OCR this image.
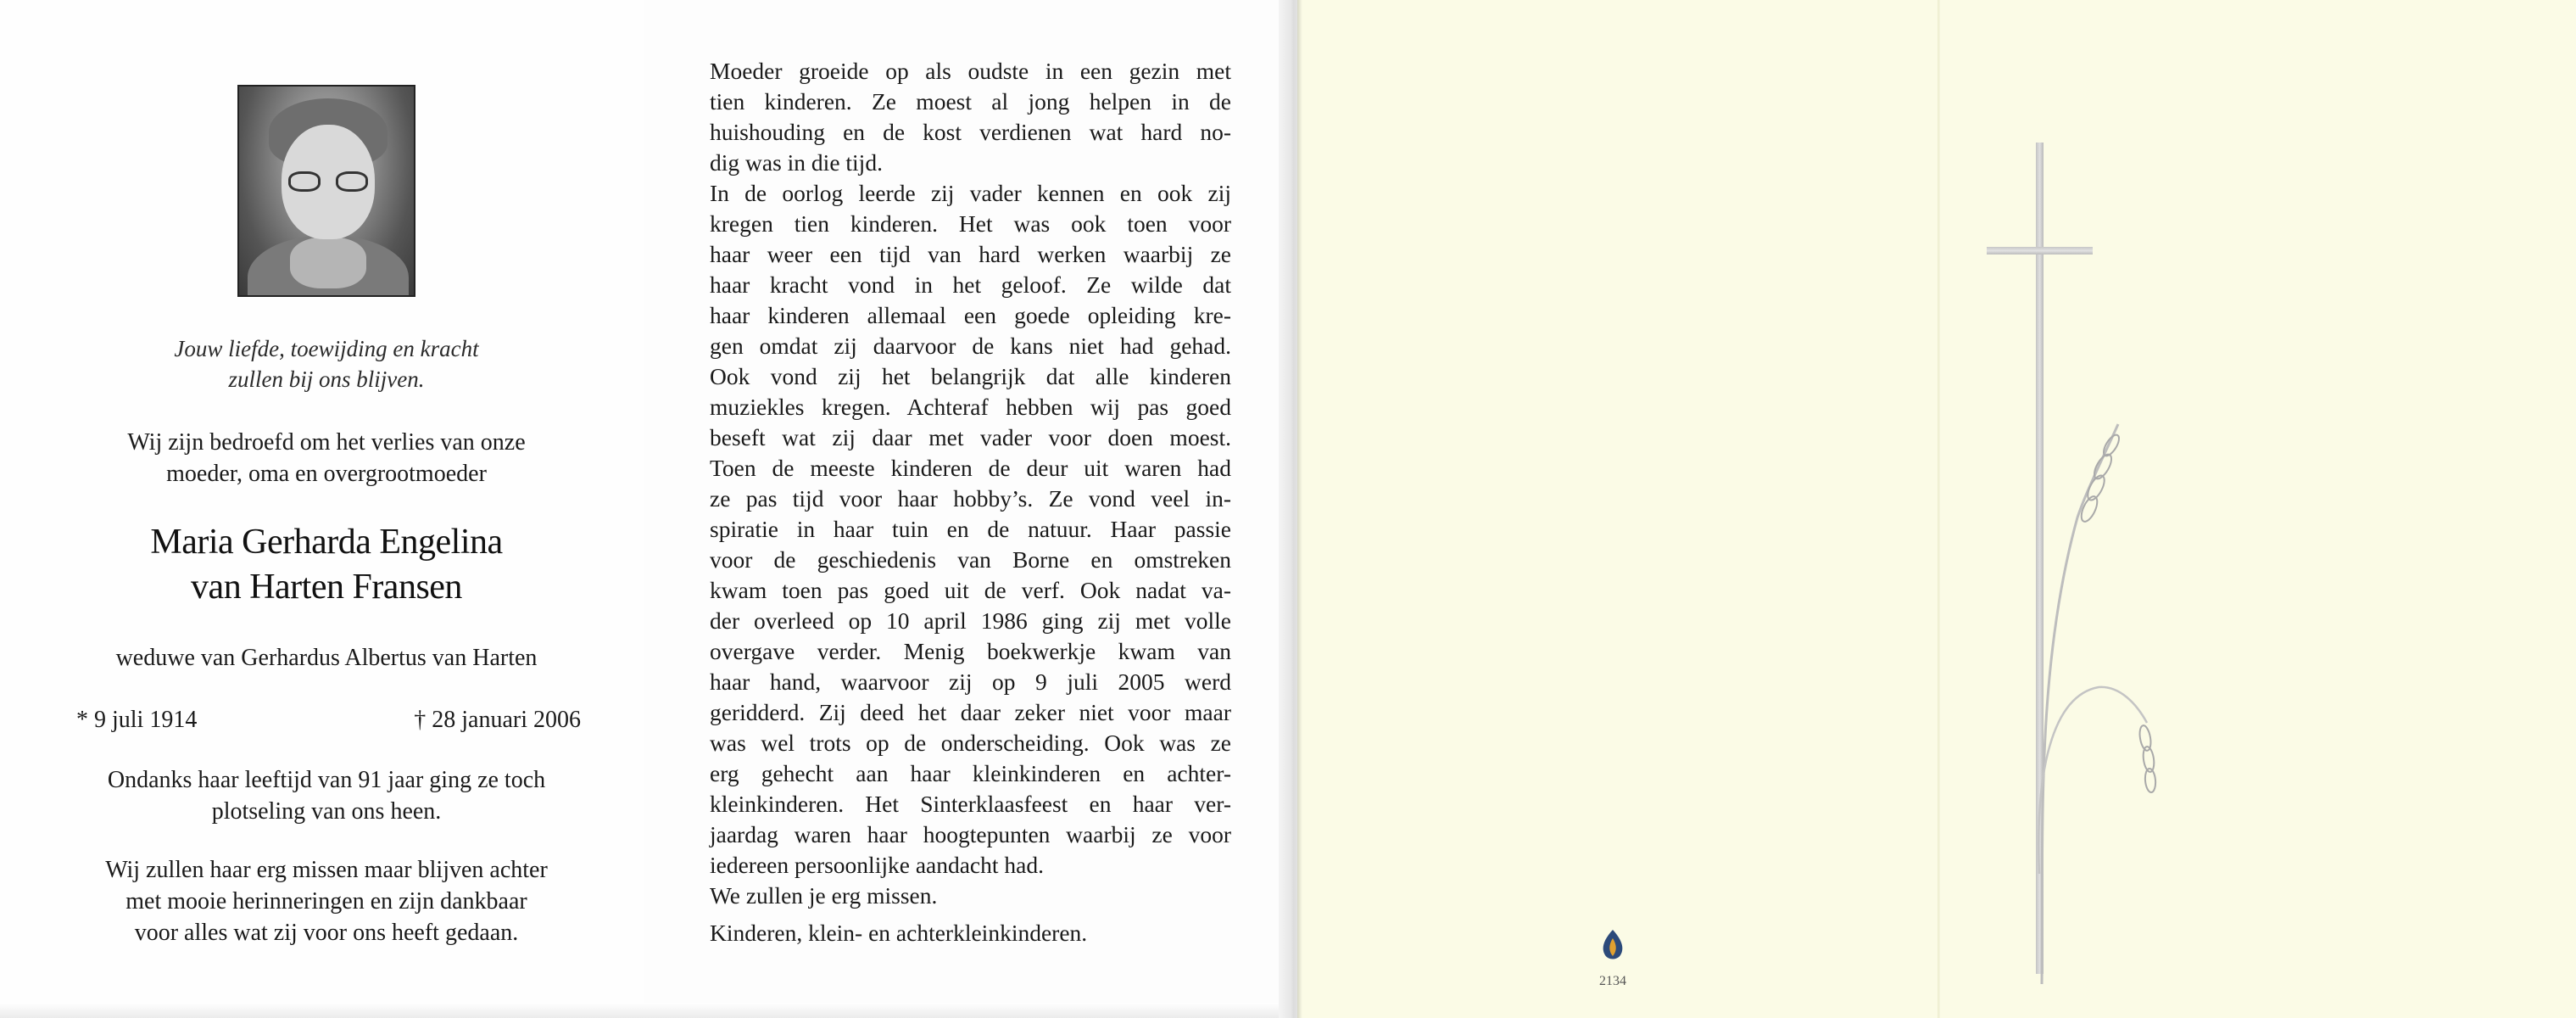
Jouw liefde, toewijding en kracht
zullen bij ons blijven.
Wij zijn bedroefd om het verlies van onze
moeder, oma en overgrootmoeder
Maria Gerharda Engelina
van Harten Fransen
weduwe van Gerhardus Albertus van Harten
* 9 juli 1914	† 28 januari 2006
Ondanks haar leeftijd van 91 jaar ging ze toch
plotseling van ons heen.
Wij zullen haar erg missen maar blijven achter
met mooie herinneringen en zijn dankbaar
voor alles wat zij voor ons heeft gedaan.
Moeder groeide op als oudste in een gezin met
tien kinderen. Ze moest al jong helpen in de
huishouding en de kost verdienen wat hard no-
dig was in die tijd.
In de oorlog leerde zij vader kennen en ook zij
kregen tien kinderen. Het was ook toen voor
haar weer een tijd van hard werken waarbij ze
haar kracht vond in het geloof. Ze wilde dat
haar kinderen allemaal een goede opleiding kre-
gen omdat zij daarvoor de kans niet had gehad.
Ook vond zij het belangrijk dat alle kinderen
muziekles kregen. Achteraf hebben wij pas goed
beseft wat zij daar met vader voor doen moest.
Toen de meeste kinderen de deur uit waren had
ze pas tijd voor haar hobby’s. Ze vond veel in-
spiratie in haar tuin en de natuur. Haar passie
voor de geschiedenis van Borne en omstreken
kwam toen pas goed uit de verf. Ook nadat va-
der overleed op 10 april 1986 ging zij met volle
overgave verder. Menig boekwerkje kwam van
haar hand, waarvoor zij op 9 juli 2005 werd
geridderd. Zij deed het daar zeker niet voor maar
was wel trots op de onderscheiding. Ook was ze
erg gehecht aan haar kleinkinderen en achter-
kleinkinderen. Het Sinterklaasfeest en haar ver-
jaardag waren haar hoogtepunten waarbij ze voor
iedereen persoonlijke aandacht had.
We zullen je erg missen.
Kinderen, klein- en achterkleinkinderen.
2134
